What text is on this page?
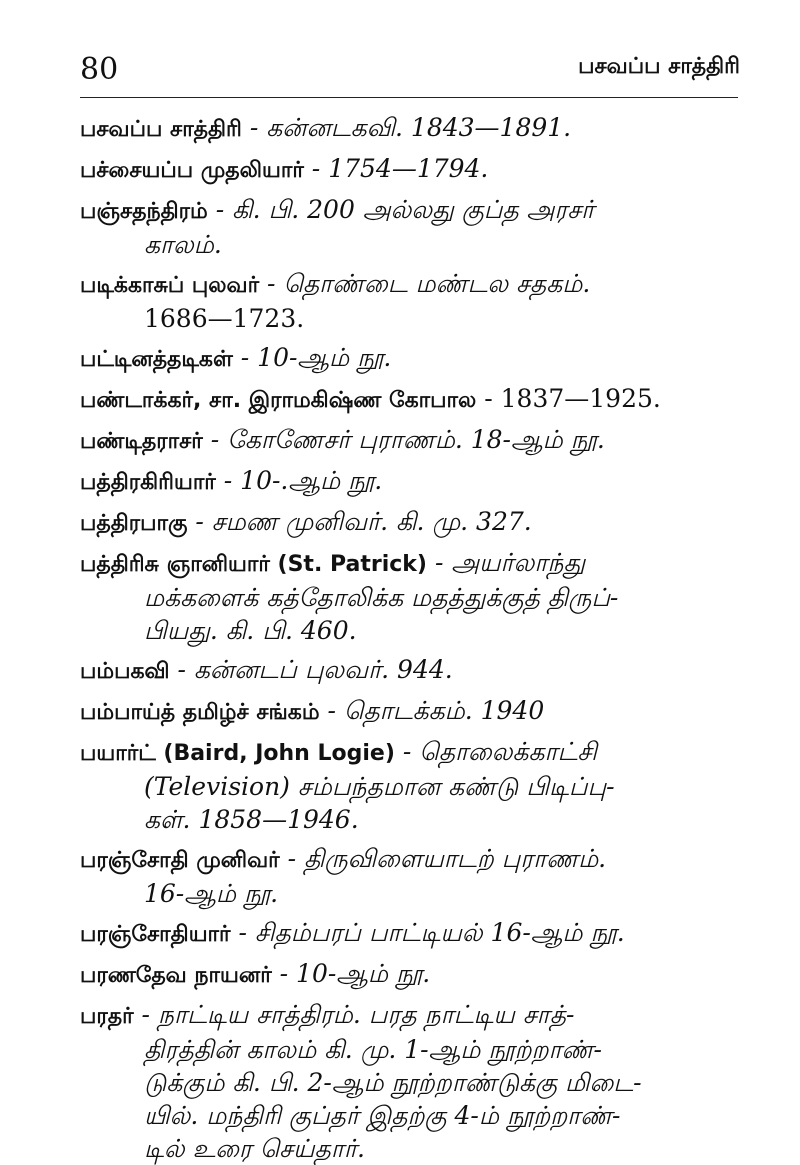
80	பசவப்ப சாத்திரி
பசவப்ப சாத்திரி - கன்னடகவி. 1843—1891.
பச்சையப்ப முதலியார் - 1754—1794.
பஞ்சதந்திரம் - கி. பி. 200 அல்லது குப்த அரசர்
காலம்.
படிக்காசுப் புலவர் - தொண்டை மண்டல சதகம்.
1686—1723.
பட்டினத்தடிகள் - 10-ஆம் நூ.
பண்டாக்கர், சா. இராமகிஷ்ண கோபால - 1837—1925.
பண்டிதராசர் - கோணேசர் புராணம். 18-ஆம் நூ.
பத்திரகிரியார் - 10-.ஆம் நூ.
பத்திரபாகு - சமண முனிவர். கி. மு. 327.
பத்திரிசு ஞானியார் (St. Patrick) - அயர்லாந்து
மக்களைக் கத்தோலிக்க மதத்துக்குத் திருப்-
பியது. கி. பி. 460.
பம்பகவி - கன்னடப் புலவர். 944.
பம்பாய்த் தமிழ்ச் சங்கம் - தொடக்கம். 1940
பயார்ட் (Baird, John Logie) - தொலைக்காட்சி
(Television) சம்பந்தமான கண்டு பிடிப்பு-
கள். 1858—1946.
பரஞ்சோதி முனிவர் - திருவிளையாடற் புராணம்.
16-ஆம் நூ.
பரஞ்சோதியார் - சிதம்பரப் பாட்டியல் 16-ஆம் நூ.
பரணதேவ நாயனர் - 10-ஆம் நூ.
பரதர் - நாட்டிய சாத்திரம். பரத நாட்டிய சாத்-
திரத்தின் காலம் கி. மு. 1-ஆம் நூற்றாண்-
டுக்கும் கி. பி. 2-ஆம் நூற்றாண்டுக்கு மிடை-
யில். மந்திரி குப்தர் இதற்கு 4-ம் நூற்றாண்-
டில் உரை செய்தார்.
